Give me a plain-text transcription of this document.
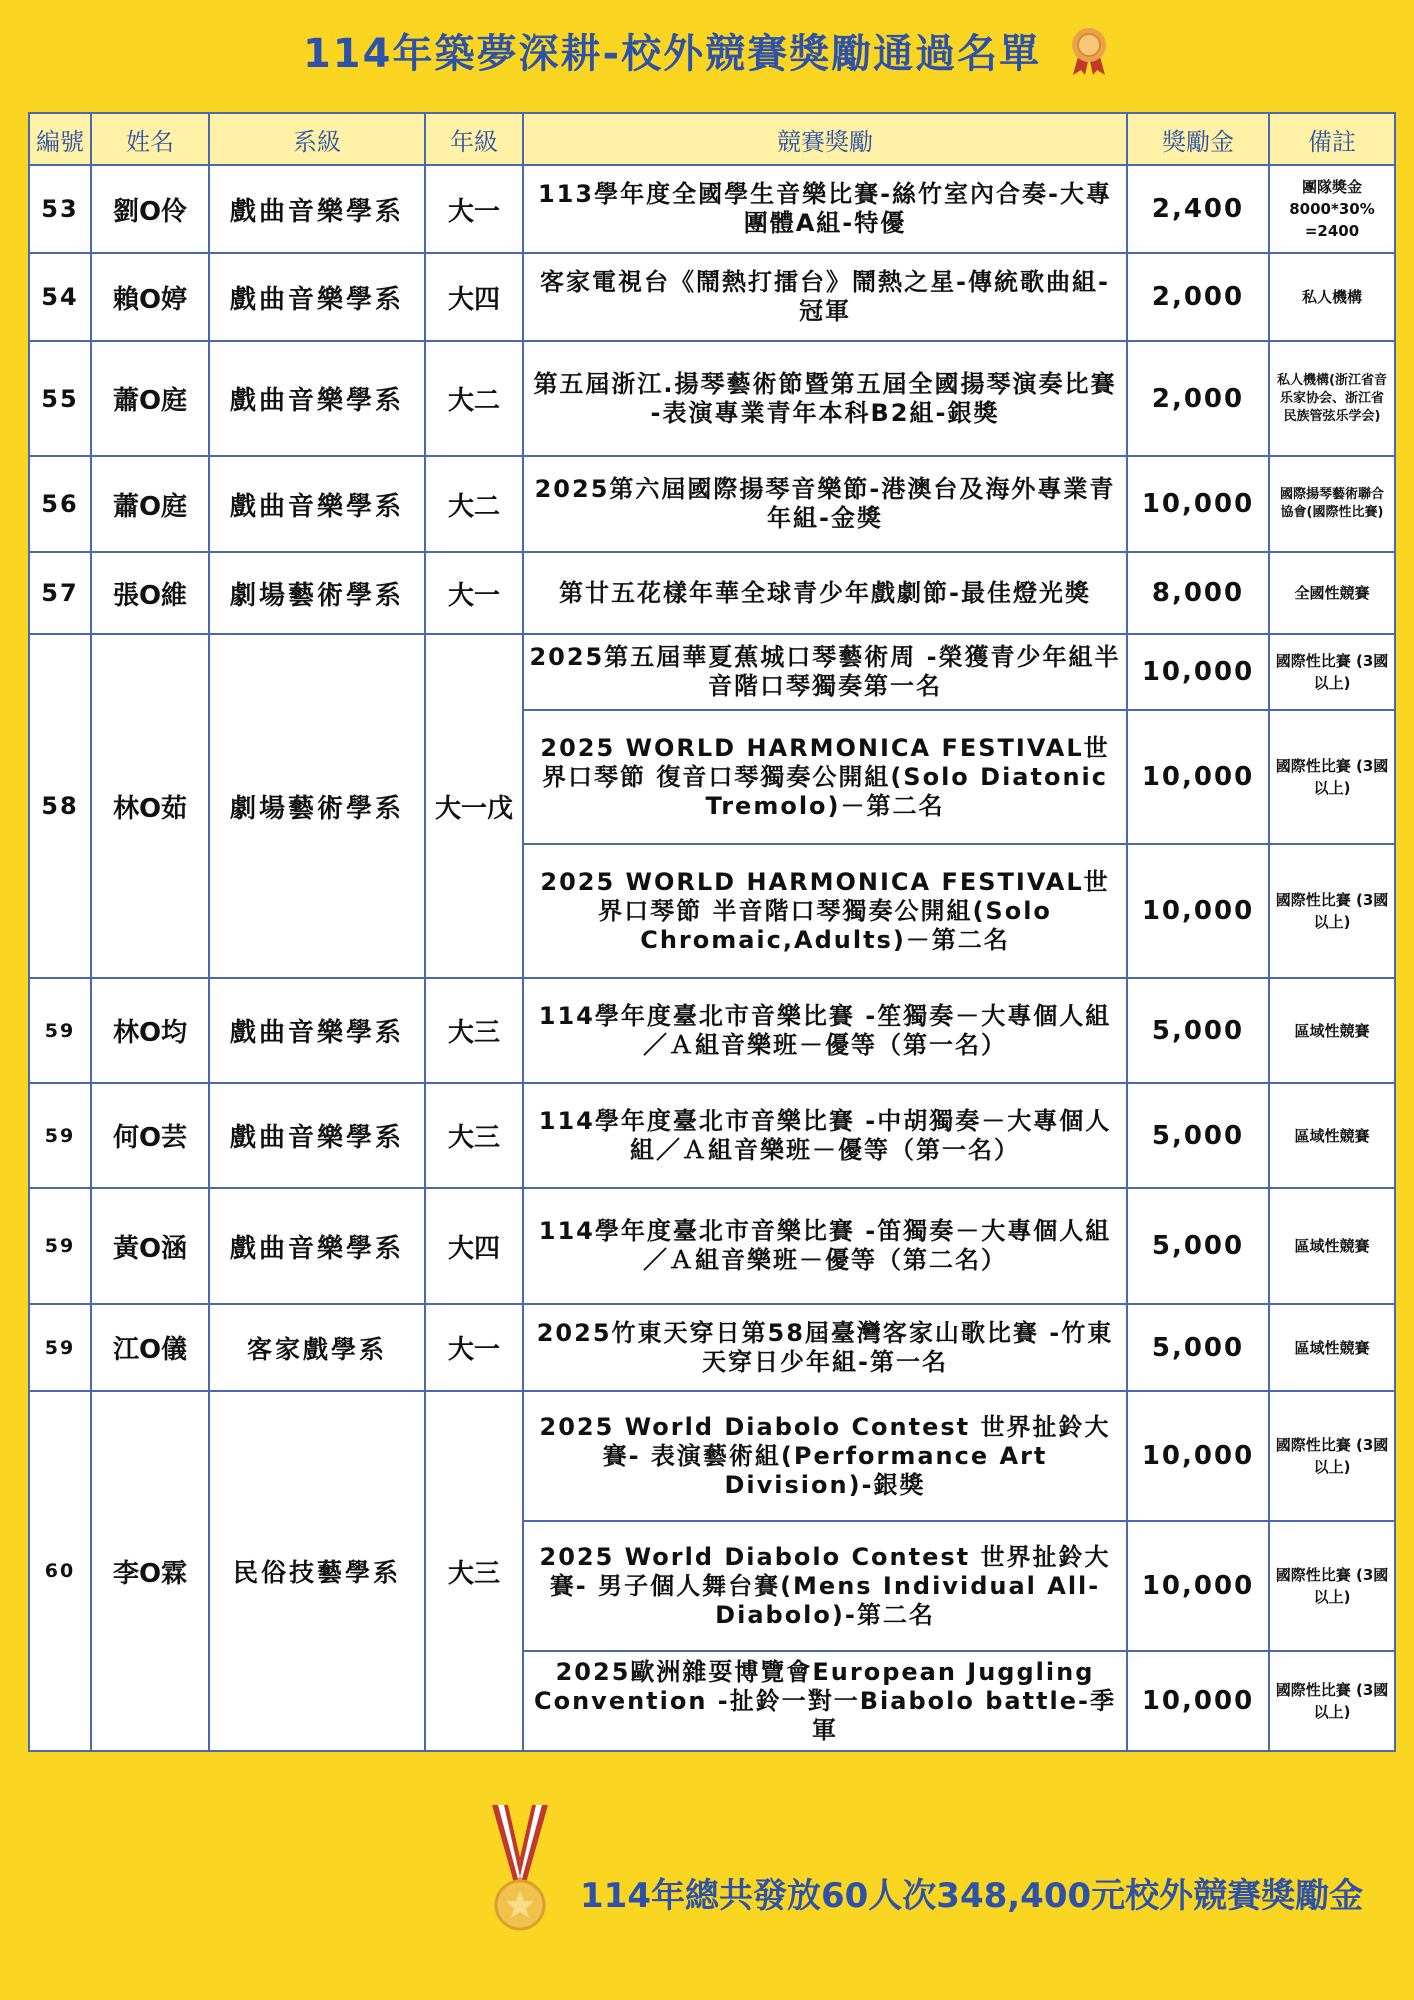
114年築夢深耕-校外競賽獎勵通過名單
編號	姓名	系級	年級	競賽獎勵	獎勵金	備註
53	劉O伶	戲曲音樂學系	大一	113學年度全國學生音樂比賽-絲竹室內合奏-大專團體A組-特優	2,400	團隊獎金 8000*30% =2400
54	賴O婷	戲曲音樂學系	大四	客家電視台《鬧熱打擂台》鬧熱之星-傳統歌曲組-冠軍	2,000	私人機構
55	蕭O庭	戲曲音樂學系	大二	第五屆浙江.揚琴藝術節暨第五屆全國揚琴演奏比賽 -表演專業青年本科B2組-銀獎	2,000	私人機構(浙江省音乐家协会、浙江省民族管弦乐学会)
56	蕭O庭	戲曲音樂學系	大二	2025第六屆國際揚琴音樂節-港澳台及海外專業青年組-金獎	10,000	國際揚琴藝術聯合協會(國際性比賽)
57	張O維	劇場藝術學系	大一	第廿五花樣年華全球青少年戲劇節-最佳燈光獎	8,000	全國性競賽
58	林O茹	劇場藝術學系	大一戊	2025第五屆華夏蕉城口琴藝術周 -榮獲青少年組半音階口琴獨奏第一名	10,000	國際性比賽 (3國以上)
				2025 WORLD HARMONICA FESTIVAL世界口琴節 復音口琴獨奏公開組(Solo Diatonic Tremolo)－第二名	10,000	國際性比賽 (3國以上)
				2025 WORLD HARMONICA FESTIVAL世界口琴節 半音階口琴獨奏公開組(Solo Chromaic,Adults)－第二名	10,000	國際性比賽 (3國以上)
59	林O均	戲曲音樂學系	大三	114學年度臺北市音樂比賽 -笙獨奏－大專個人組／Ａ組音樂班－優等（第一名）	5,000	區域性競賽
59	何O芸	戲曲音樂學系	大三	114學年度臺北市音樂比賽 -中胡獨奏－大專個人組／Ａ組音樂班－優等（第一名）	5,000	區域性競賽
59	黃O涵	戲曲音樂學系	大四	114學年度臺北市音樂比賽 -笛獨奏－大專個人組／Ａ組音樂班－優等（第二名）	5,000	區域性競賽
59	江O儀	客家戲學系	大一	2025竹東天穿日第58屆臺灣客家山歌比賽 -竹東天穿日少年組-第一名	5,000	區域性競賽
60	李O霖	民俗技藝學系	大三	2025 World Diabolo Contest 世界扯鈴大賽- 表演藝術組(Performance Art Division)-銀獎	10,000	國際性比賽 (3國以上)
				2025 World Diabolo Contest 世界扯鈴大賽- 男子個人舞台賽(Mens Individual All-Diabolo)-第二名	10,000	國際性比賽 (3國以上)
				2025歐洲雜耍博覽會European Juggling Convention -扯鈴一對一Biabolo battle-季軍	10,000	國際性比賽 (3國以上)
114年總共發放60人次348,400元校外競賽獎勵金
